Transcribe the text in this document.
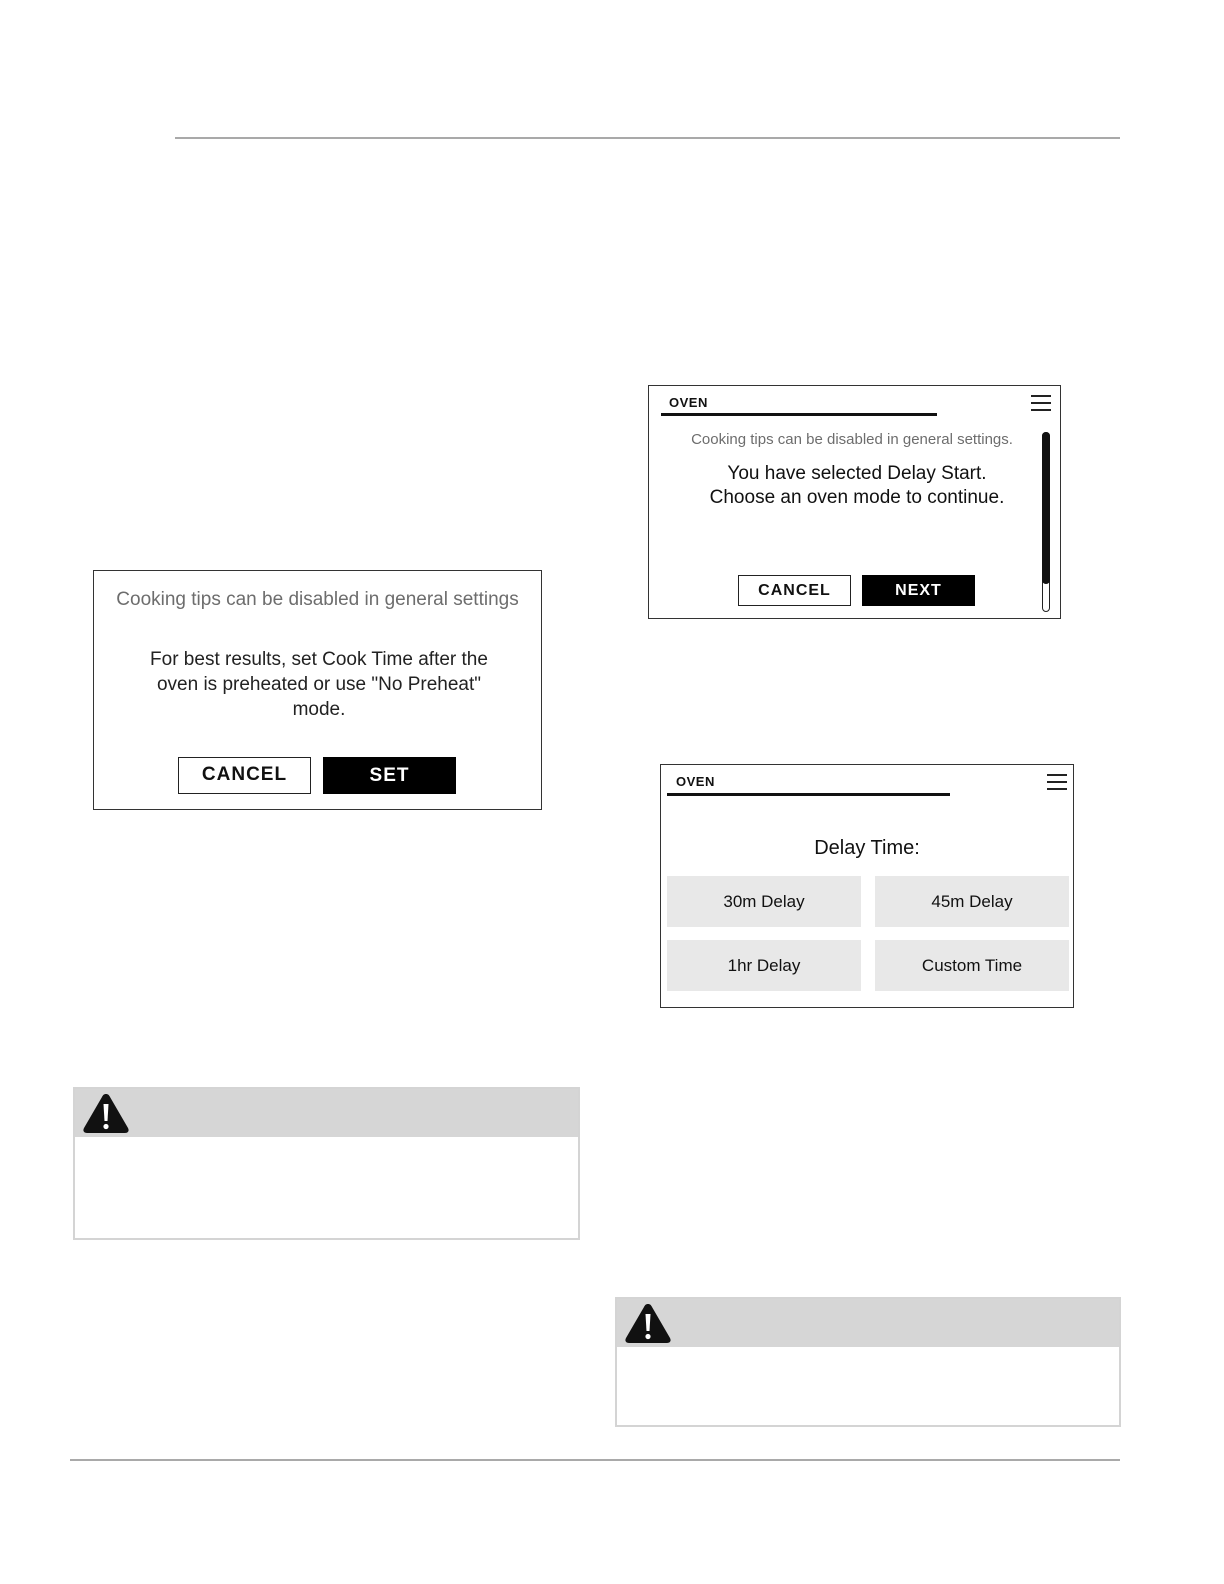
Cooking tips can be disabled in general settings
For best results, set Cook Time after the oven is preheated or use "No Preheat" mode.
CANCEL	SET
OVEN
Cooking tips can be disabled in general settings.
You have selected Delay Start.
Choose an oven mode to continue.
CANCEL	NEXT
OVEN
Delay Time:
30m Delay	45m Delay
1hr Delay	Custom Time
